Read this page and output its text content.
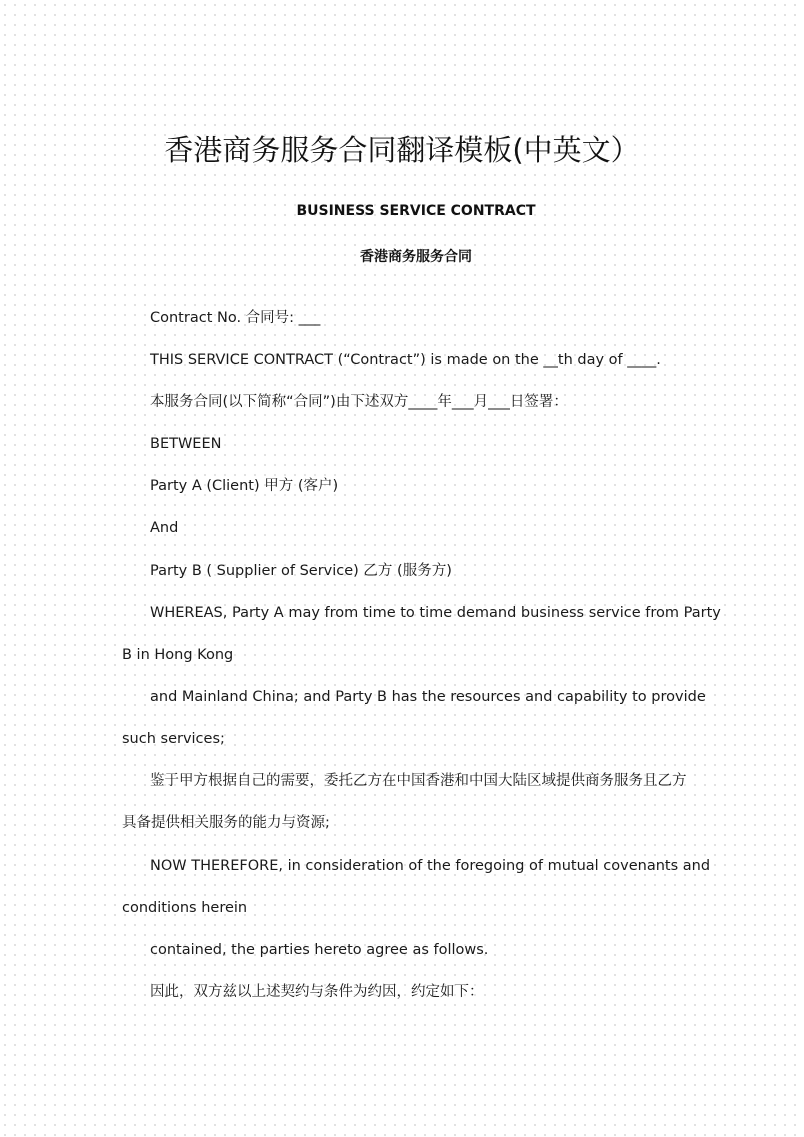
香港商务服务合同翻译模板(中英文）
BUSINESS SERVICE CONTRACT
香港商务服务合同
Contract No. 合同号: ___
THIS SERVICE CONTRACT (“Contract”) is made on the __th day of ____.
本服务合同(以下简称“合同”)由下述双方____年___月___日签署：
BETWEEN
Party A (Client) 甲方 (客户)
And
Party B ( Supplier of Service) 乙方 (服务方)
WHEREAS, Party A may from time to time demand business service from Party
B in Hong Kong
and Mainland China; and Party B has the resources and capability to provide
such services;
鉴于甲方根据自己的需要，委托乙方在中国香港和中国大陆区域提供商务服务且乙方
具备提供相关服务的能力与资源;
NOW THEREFORE, in consideration of the foregoing of mutual covenants and
conditions herein
contained, the parties hereto agree as follows.
因此，双方兹以上述契约与条件为约因，约定如下：
